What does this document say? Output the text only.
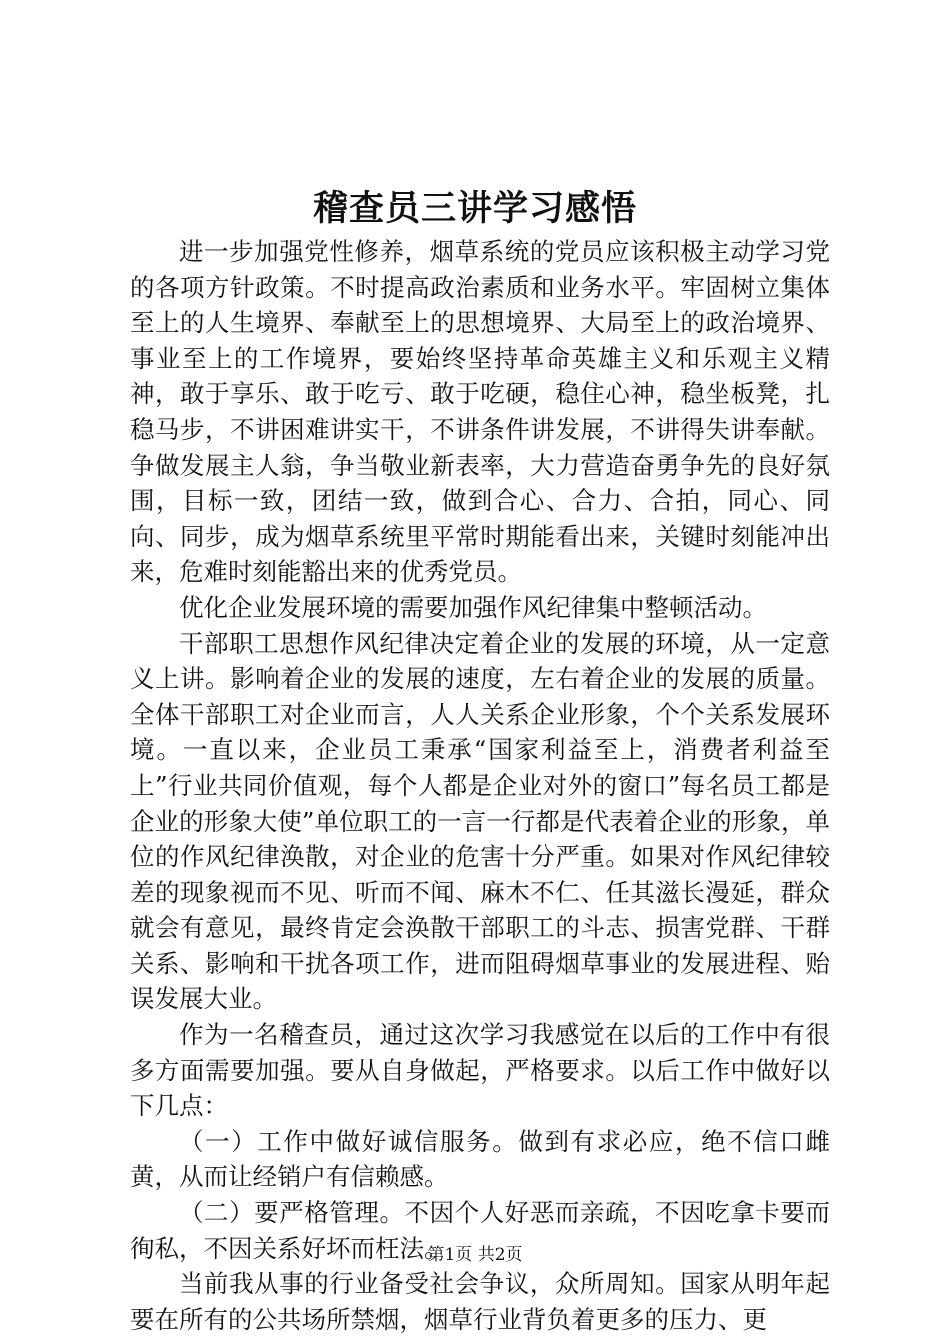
稽查员三讲学习感悟

进一步加强党性修养，烟草系统的党员应该积极主动学习党的各项方针政策。不时提高政治素质和业务水平。牢固树立集体至上的人生境界、奉献至上的思想境界、大局至上的政治境界、事业至上的工作境界，要始终坚持革命英雄主义和乐观主义精神，敢于享乐、敢于吃亏、敢于吃硬，稳住心神，稳坐板凳，扎稳马步，不讲困难讲实干，不讲条件讲发展，不讲得失讲奉献。争做发展主人翁，争当敬业新表率，大力营造奋勇争先的良好氛围，目标一致，团结一致，做到合心、合力、合拍，同心、同向、同步，成为烟草系统里平常时期能看出来，关键时刻能冲出来，危难时刻能豁出来的优秀党员。

优化企业发展环境的需要加强作风纪律集中整顿活动。

干部职工思想作风纪律决定着企业的发展的环境，从一定意义上讲。影响着企业的发展的速度，左右着企业的发展的质量。全体干部职工对企业而言，人人关系企业形象，个个关系发展环境。一直以来，企业员工秉承“国家利益至上，消费者利益至上”行业共同价值观，每个人都是企业对外的窗口”每名员工都是企业的形象大使”单位职工的一言一行都是代表着企业的形象，单位的作风纪律涣散，对企业的危害十分严重。如果对作风纪律较差的现象视而不见、听而不闻、麻木不仁、任其滋长漫延，群众就会有意见，最终肯定会涣散干部职工的斗志、损害党群、干群关系、影响和干扰各项工作，进而阻碍烟草事业的发展进程、贻误发展大业。

作为一名稽查员，通过这次学习我感觉在以后的工作中有很多方面需要加强。要从自身做起，严格要求。以后工作中做好以下几点：

（一）工作中做好诚信服务。做到有求必应，绝不信口雌黄，从而让经销户有信赖感。

（二）要严格管理。不因个人好恶而亲疏，不因吃拿卡要而徇私，不因关系好坏而枉法。

当前我从事的行业备受社会争议，众所周知。国家从明年起要在所有的公共场所禁烟，烟草行业背负着更多的压力、更

第1页 共2页
